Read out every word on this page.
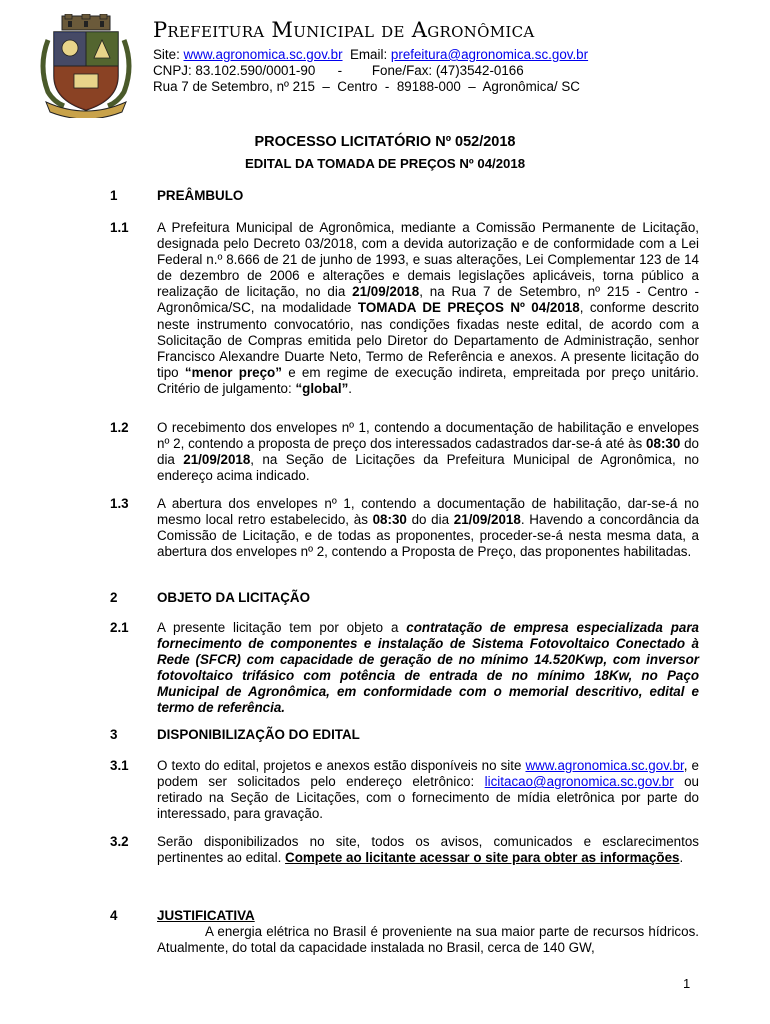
Prefeitura Municipal de Agronômica
Site: www.agronomica.sc.gov.br  Email: prefeitura@agronomica.sc.gov.br
CNPJ: 83.102.590/0001-90      -        Fone/Fax: (47)3542-0166
Rua 7 de Setembro, nº 215  –  Centro  -  89188-000  –  Agronômica/ SC
PROCESSO LICITATÓRIO Nº 052/2018
EDITAL DA TOMADA DE PREÇOS Nº 04/2018
1	PREÂMBULO
1.1 A Prefeitura Municipal de Agronômica, mediante a Comissão Permanente de Licitação, designada pelo Decreto 03/2018, com a devida autorização e de conformidade com a Lei Federal n.º 8.666 de 21 de junho de 1993, e suas alterações, Lei Complementar 123 de 14 de dezembro de 2006 e alterações e demais legislações aplicáveis, torna público a realização de licitação, no dia 21/09/2018, na Rua 7 de Setembro, nº 215 - Centro - Agronômica/SC, na modalidade TOMADA DE PREÇOS Nº 04/2018, conforme descrito neste instrumento convocatório, nas condições fixadas neste edital, de acordo com a Solicitação de Compras emitida pelo Diretor do Departamento de Administração, senhor Francisco Alexandre Duarte Neto, Termo de Referência e anexos. A presente licitação do tipo “menor preço” e em regime de execução indireta, empreitada por preço unitário. Critério de julgamento: “global”.
1.2 O recebimento dos envelopes nº 1, contendo a documentação de habilitação e envelopes nº 2, contendo a proposta de preço dos interessados cadastrados dar-se-á até às 08:30 do dia 21/09/2018, na Seção de Licitações da Prefeitura Municipal de Agronômica, no endereço acima indicado.
1.3 A abertura dos envelopes nº 1, contendo a documentação de habilitação, dar-se-á no mesmo local retro estabelecido, às 08:30 do dia 21/09/2018. Havendo a concordância da Comissão de Licitação, e de todas as proponentes, proceder-se-á nesta mesma data, a abertura dos envelopes nº 2, contendo a Proposta de Preço, das proponentes habilitadas.
2	OBJETO DA LICITAÇÃO
2.1 A presente licitação tem por objeto a contratação de empresa especializada para fornecimento de componentes e instalação de Sistema Fotovoltaico Conectado à Rede (SFCR) com capacidade de geração de no mínimo 14.520Kwp, com inversor fotovoltaico trifásico com potência de entrada de no mínimo 18Kw, no Paço Municipal de Agronômica, em conformidade com o memorial descritivo, edital e termo de referência.
3	DISPONIBILIZAÇÃO DO EDITAL
3.1 O texto do edital, projetos e anexos estão disponíveis no site www.agronomica.sc.gov.br, e podem ser solicitados pelo endereço eletrônico: licitacao@agronomica.sc.gov.br ou retirado na Seção de Licitações, com o fornecimento de mídia eletrônica por parte do interessado, para gravação.
3.2 Serão disponibilizados no site, todos os avisos, comunicados e esclarecimentos pertinentes ao edital. Compete ao licitante acessar o site para obter as informações.
4	JUSTIFICATIVA
A energia elétrica no Brasil é proveniente na sua maior parte de recursos hídricos. Atualmente, do total da capacidade instalada no Brasil, cerca de 140 GW,
1
